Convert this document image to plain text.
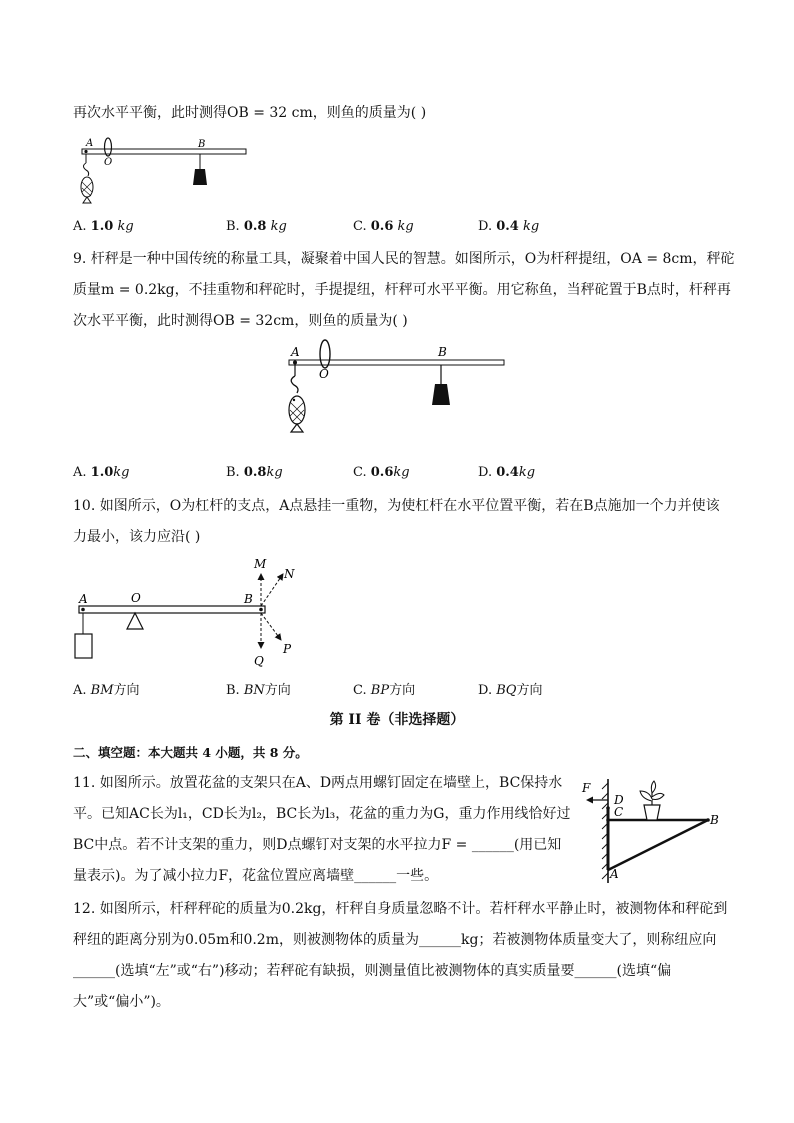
再次水平平衡，此时测得OB = 32 cm，则鱼的质量为( )
A
O
B
A. 1.0 kg	B. 0.8 kg	C. 0.6 kg	D. 0.4 kg
9. 杆秤是一种中国传统的称量工具，凝聚着中国人民的智慧。如图所示，O为杆秤提纽，OA = 8cm，秤砣
质量m = 0.2kg，不挂重物和秤砣时，手提提纽，杆秤可水平平衡。用它称鱼，当秤砣置于B点时，杆秤再
次水平平衡，此时测得OB = 32cm，则鱼的质量为( )
A
O
B
A. 1.0kg	B. 0.8kg	C. 0.6kg	D. 0.4kg
10. 如图所示，O为杠杆的支点，A点悬挂一重物，为使杠杆在水平位置平衡，若在B点施加一个力并使该
力最小，该力应沿( )
A	O	B
M
N
P
Q
A. BM方向	B. BN方向	C. BP方向	D. BQ方向
第 II 卷（非选择题）
二、填空题：本大题共 4 小题，共 8 分。
11. 如图所示。放置花盆的支架只在A、D两点用螺钉固定在墙壁上，BC保持水
平。已知AC长为l₁，CD长为l₂，BC长为l₃，花盆的重力为G，重力作用线恰好过
BC中点。若不计支架的重力，则D点螺钉对支架的水平拉力F = ______(用已知
量表示)。为了减小拉力F，花盆位置应离墙壁______一些。
F
D
C
B
A
12. 如图所示，杆秤秤砣的质量为0.2kg，杆秤自身质量忽略不计。若杆秤水平静止时，被测物体和秤砣到
秤纽的距离分别为0.05m和0.2m，则被测物体的质量为______kg；若被测物体质量变大了，则称纽应向
______(选填“左”或“右”)移动；若秤砣有缺损，则测量值比被测物体的真实质量要______(选填“偏
大”或“偏小”)。
